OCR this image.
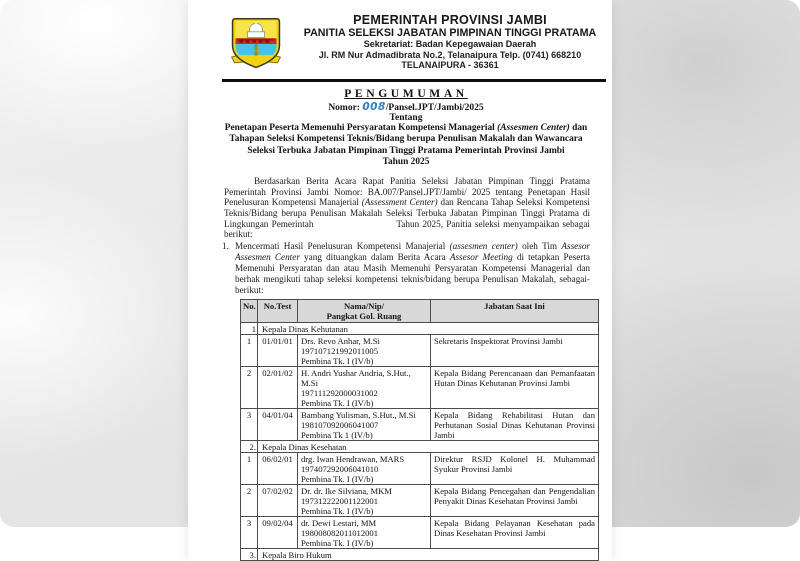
PEMERINTAH PROVINSI JAMBI
PANITIA SELEKSI JABATAN PIMPINAN TINGGI PRATAMA
Sekretariat: Badan Kepegawaian Daerah
Jl. RM Nur Admadibrata No.2, Telanaipura Telp. (0741) 668210
TELANAIPURA - 36361
PENGUMUMAN
Nomor: 008/Pansel.JPT/Jambi/2025
Tentang
Penetapan Peserta Memenuhi Persyaratan Kompetensi Managerial (Assesmen Center) dan
Tahapan Seleksi Kompetensi Teknis/Bidang berupa Penulisan Makalah dan Wawancara
Seleksi Terbuka Jabatan Pimpinan Tinggi Pratama Pemerintah Provinsi Jambi
Tahun 2025

Berdasarkan Berita Acara Rapat Panitia Seleksi Jabatan Pimpinan Tinggi Pratama Pemerintah Provinsi Jambi Nomor: BA.007/Pansel.JPT/Jambi/ 2025 tentang Penetapan Hasil Penelusuran Kompetensi Manajerial (Assessment Center) dan Rencana Tahap Seleksi Kompetensi Teknis/Bidang berupa Penulisan Makalah Seleksi Terbuka Jabatan Pimpinan Tinggi Pratama di Lingkungan Pemerintah                          Tahun 2025, Panitia seleksi menyampaikan sebagai berikut:

1. Mencermati Hasil Penelusuran Kompetensi Manajerial (assesmen center) oleh Tim Assesor Assesmen Center yang dituangkan dalam Berita Acara Assesor Meeting di tetapkan Peserta Memenuhi Persyaratan dan atau Masih Memenuhi Persyaratan Kompetensi Managerial dan berhak mengikuti tahap seleksi kompetensi teknis/bidang berupa Penulisan Makalah, sebagai-berikut:
No.	No.Test	Nama/Nip/
Pangkat Gol. Ruang	Jabatan Saat Ini

1	Kepala Dinas Kehutanan		
1	01/01/01	Drs. Revo Anhar, M.Si
197107121992011005
Pembina Tk. I (IV/b)	Sekretaris Inspektorat Provinsi Jambi
2	02/01/02	H. Andri Yushar Andria, S.Hut., M.Si
197111292000031002
Pembina Tk. I (IV/b)	Kepala Bidang Perencanaan dan Pemanfaatan Hutan Dinas Kehutanan Provinsi Jambi
3	04/01/04	Bambang Yulisman, S.Hut., M.Si
198107092006041007
Pembina Tk 1 (IV/b)	Kepala Bidang Rehabilitasi Hutan dan Perhutanan Sosial Dinas Kehutanan Provinsi Jambi
2.	Kepala Dinas Kesehatan		
1	06/02/01	drg. Iwan Hendrawan, MARS
197407292006041010
Pembina Tk. I (IV/b)	Direktur RSJD Kolonel H. Muhammad Syukur Provinsi Jambi
2	07/02/02	Dr. dr. Ike Silviana, MKM
197312222001122001
Pembina Tk. I (IV/b)	Kepala Bidang Pencegahan dan Pengendalian Penyakit Dinas Kesehatan Provinsi Jambi
3	09/02/04	dr. Dewi Lestari, MM
198008082011012001
Pembina Tk. I (IV/b)	Kepala Bidang Pelayanan Kesehatan pada Dinas Kesehatan Provinsi Jambi
3.	Kepala Biro Hukum		
